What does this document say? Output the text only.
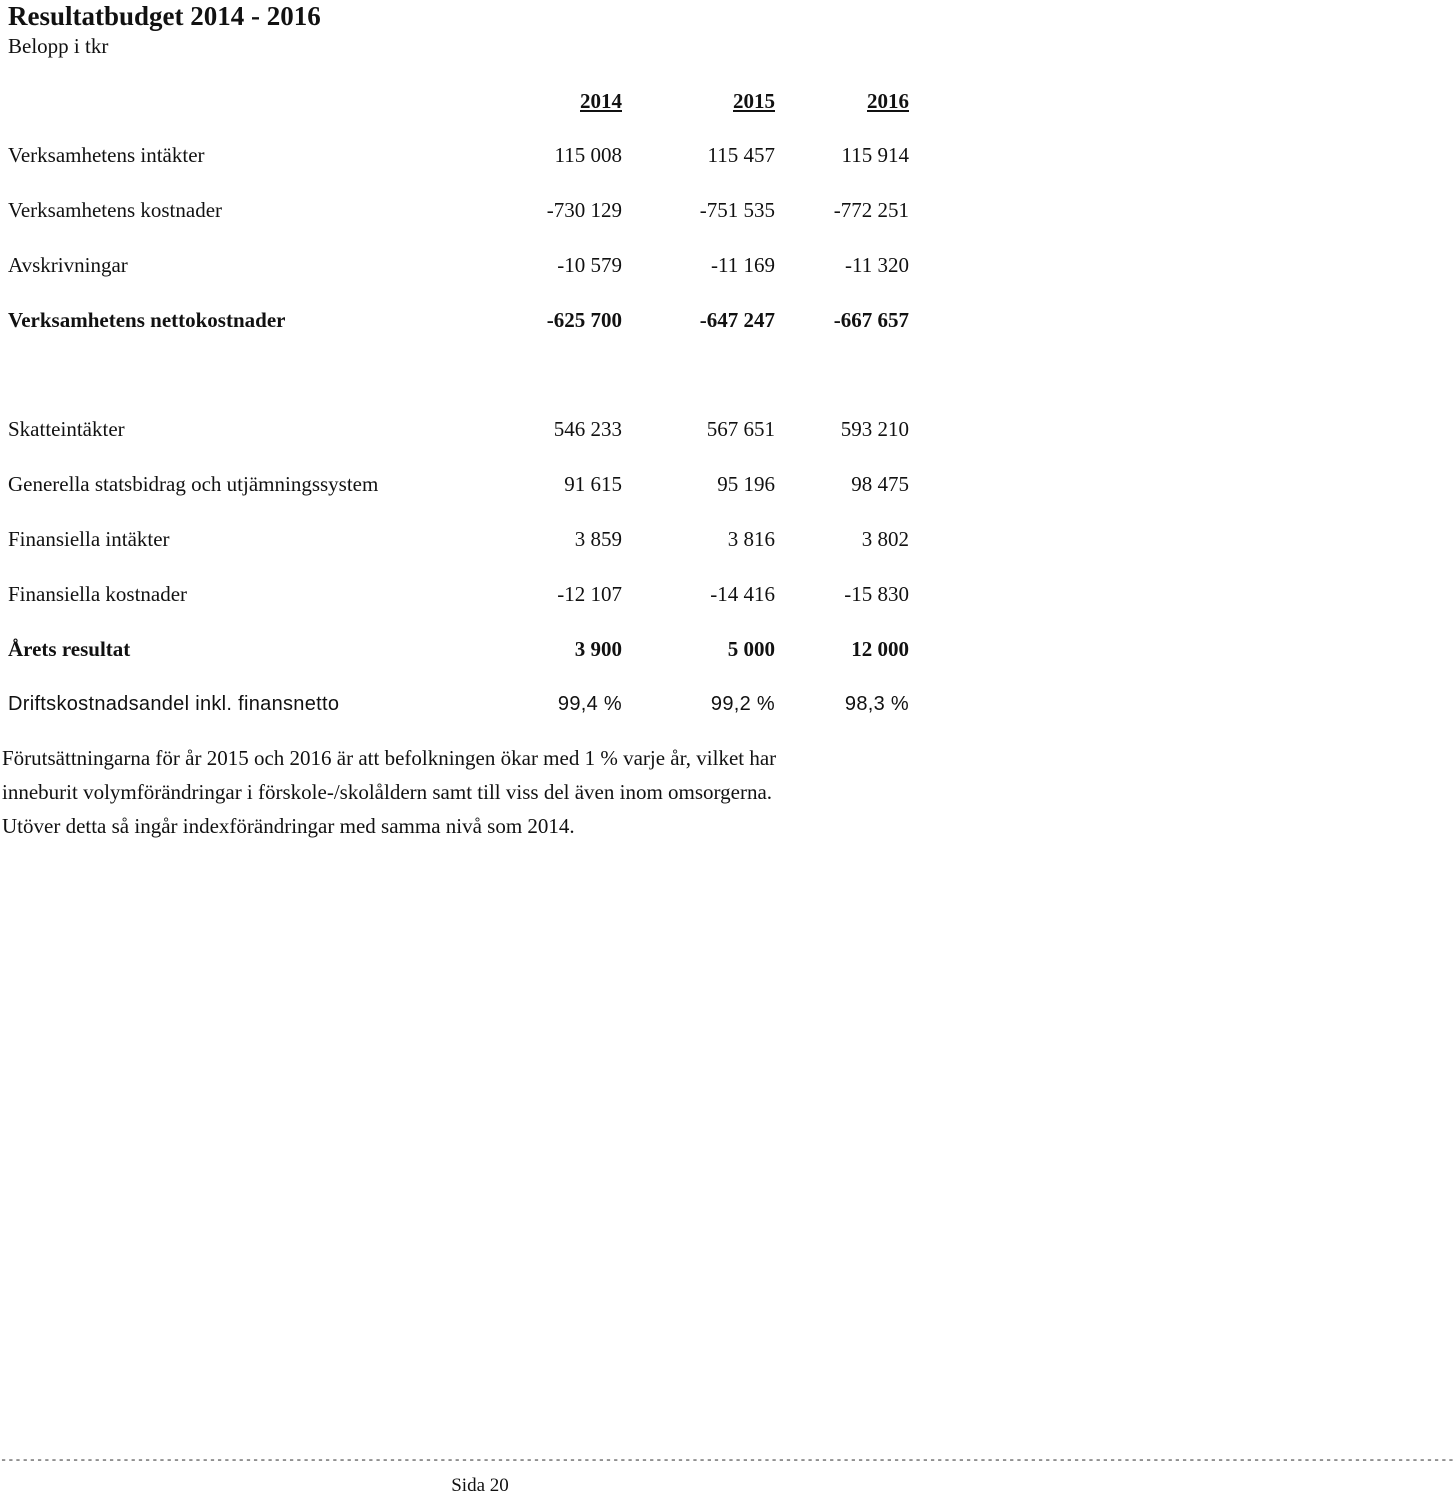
Resultatbudget 2014 - 2016
Belopp i tkr
2014	2015	2016
Verksamhetens intäkter	115 008	115 457	115 914
Verksamhetens kostnader	-730 129	-751 535	-772 251
Avskrivningar	-10 579	-11 169	-11 320
Verksamhetens nettokostnader	-625 700	-647 247	-667 657
Skatteintäkter	546 233	567 651	593 210
Generella statsbidrag och utjämningssystem	91 615	95 196	98 475
Finansiella intäkter	3 859	3 816	3 802
Finansiella kostnader	-12 107	-14 416	-15 830
Årets resultat	3 900	5 000	12 000
Driftskostnadsandel inkl. finansnetto	99,4 %	99,2 %	98,3 %

Förutsättningarna för år 2015 och 2016 är att befolkningen ökar med 1 % varje år, vilket har

inneburit volymförändringar i förskole-/skolåldern samt till viss del även inom omsorgerna.

Utöver detta så ingår indexförändringar med samma nivå som 2014.

----------------------------------------------------------------------------------------------------------------------------------------------------------------------------------------------------------
Sida 20
